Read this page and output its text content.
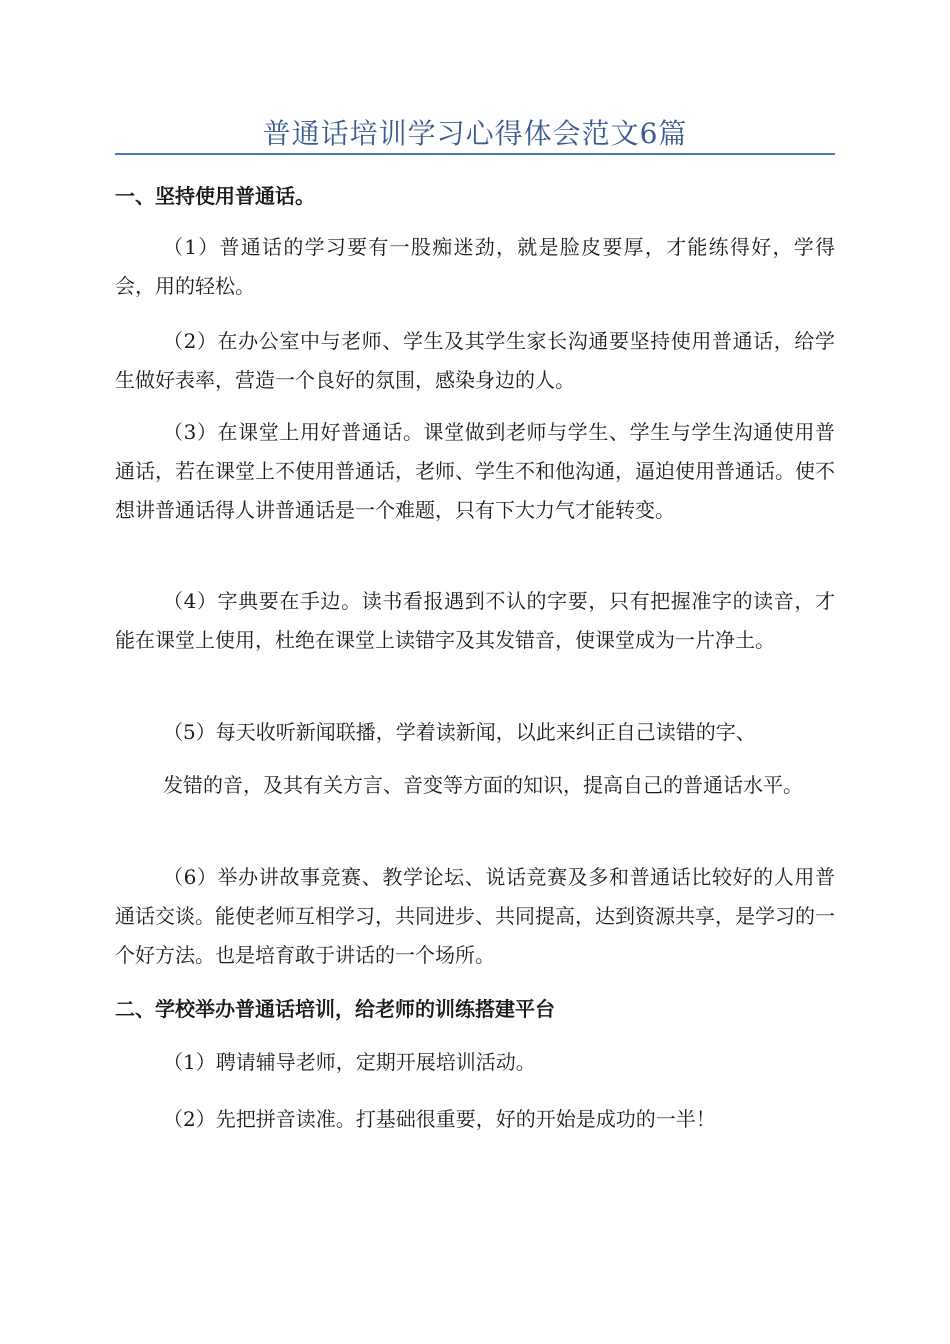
普通话培训学习心得体会范文6篇
一、坚持使用普通话。
（1）普通话的学习要有一股痴迷劲，就是脸皮要厚，才能练得好，学得会，用的轻松。
（2）在办公室中与老师、学生及其学生家长沟通要坚持使用普通话，给学生做好表率，营造一个良好的氛围，感染身边的人。
（3）在课堂上用好普通话。课堂做到老师与学生、学生与学生沟通使用普通话，若在课堂上不使用普通话，老师、学生不和他沟通，逼迫使用普通话。使不想讲普通话得人讲普通话是一个难题，只有下大力气才能转变。
（4）字典要在手边。读书看报遇到不认的字要，只有把握准字的读音，才能在课堂上使用，杜绝在课堂上读错字及其发错音，使课堂成为一片净土。
（5）每天收听新闻联播，学着读新闻，以此来纠正自己读错的字、
发错的音，及其有关方言、音变等方面的知识，提高自己的普通话水平。
（6）举办讲故事竞赛、教学论坛、说话竞赛及多和普通话比较好的人用普通话交谈。能使老师互相学习，共同进步、共同提高，达到资源共享，是学习的一个好方法。也是培育敢于讲话的一个场所。
二、学校举办普通话培训，给老师的训练搭建平台
（1）聘请辅导老师，定期开展培训活动。
（2）先把拼音读准。打基础很重要，好的开始是成功的一半！
